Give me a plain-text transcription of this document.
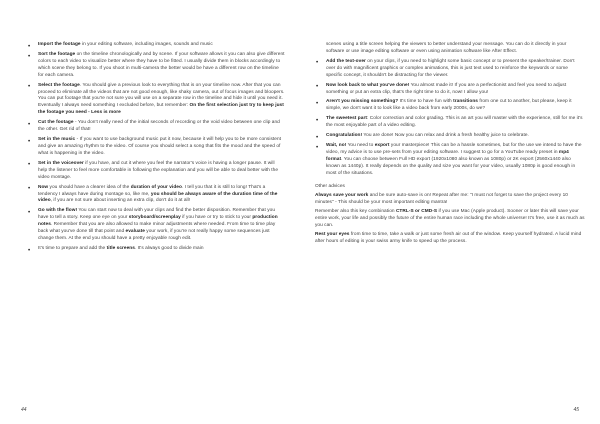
• Import the footage in your editing software, including images, sounds and music
• Sort the footage on the timeline chronologically and by scene. If your software allows it you can also give different colors to each video to visualize better where they have to be fitted. I usually divide them in blocks accordingly to which scene they belong to. If you shoot in multi-camera the better would be have a different row on the timeline for each camera.
• Select the footage. You should give a previous look to everything that is on your timeline now. After that you can proceed to eliminate all the videos that are not good enough, like shaky camera, out of focus images and bloopers. You can put footage that you're not sure you will use on a separate row in the timeline and hide it until you need it. Eventually I always need something I excluded before, but remember: On the first selection just try to keep just the footage you need - Less is more
• Cut the footage - You don't really need of the initial seconds of recording or the void video between one clip and the other. Get rid of that!
• Set in the music - If you want to use background music put it now, because it will help you to be more consistent and give an amazing rhythm to the video. Of course you should select a song that fits the mood and the speed of what is happening in the video.
• Set in the voiceover if you have, and cut it where you feel the narrator's voice is having a longer pause. It will help the listener to feel more comfortable in following the explanation and you will be able to deal better with the video montage.
• Now you should have a clearer idea of the duration of your video. I tell you that it is still to long! That's a tendency I always have during montage so, like me, you should be always aware of the duration time of the video, if you are not sure about inserting an extra clip, don't do it at all!
• Go with the flow! You can start now to deal with your clips and find the better disposition. Remember that you have to tell a story. Keep one eye on your storyboard/screenplay if you have or try to stick to your production notes. Remember that you are also allowed to make minor adjustments where needed. From time to time play back what you've done till that point and evaluate your work, if you're not really happy some sequences just change them. At the end you should have a pretty enjoyable rough edit.
• It's time to prepare and add the title screens. It's always good to divide main
44
scenes using a title screen helping the viewers to better understand your message. You can do it directly in your software or use image editing software or even using animation software like After Effect.
• Add the text-over on your clips, if you need to highlight some basic concept or to present the speaker/trainer. Don't over do with magnificent graphics or complex animations, this is just text used to reinforce the keywords or some specific concept, it shouldn't be distracting for the viewer.
• Now look back to what you've done! You almost made it! If you are a perfectionist and feel you need to adjust something or put an extra clip, that's the right time to do it, now! I allow you!
• Aren't you missing something? It's time to have fun with transitions from one cut to another, but please, keep it simple, we don't want it to look like a video back from early 2000s, do we?
• The sweetest part: Color correction and color grading. This is an art you will master with the experience, still for me it's the most enjoyable part of a video editing.
• Congratulation! You are done! Now you can relax and drink a fresh healthy juice to celebrate.
• Wait, no! You need to export your masterpiece! This can be a hassle sometimes, but for the use we intend to have the video, my advice is to use pre-sets from your editing software. I suggest to go for a YouTube ready preset in mp4 format. You can choose between Full HD export (1920x1080 also known as 1080p) or 2K export (2560x1440 also known as 1440p). It really depends on the quality and size you want for your video, usually 1080p is good enough in most of the situations.

Other advices

Always save your work and be sure auto-save is on! Repeat after me: "I must not forget to save the project every 10 minutes" - This should be your most important editing mantra!

Remember also this key combination CTRL-S or CMD-S if you use Mac (Apple product). Sooner or later this will save your entire work, your life and possibly the future of the entire human race including the whole universe! It's free, use it as much as you can.

Rest your eyes from time to time, take a walk or just some fresh air out of the window. Keep yourself hydrated. A lucid mind after hours of editing is your swiss army knife to speed up the process.

45
